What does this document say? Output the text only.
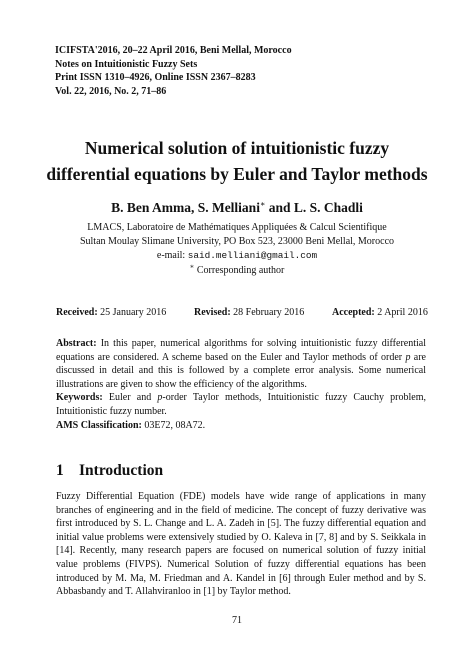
ICIFSTA'2016, 20–22 April 2016, Beni Mellal, Morocco
Notes on Intuitionistic Fuzzy Sets
Print ISSN 1310–4926, Online ISSN 2367–8283
Vol. 22, 2016, No. 2, 71–86
Numerical solution of intuitionistic fuzzy
differential equations by Euler and Taylor methods
B. Ben Amma, S. Melliani∗ and L. S. Chadli
LMACS, Laboratoire de Mathématiques Appliquées & Calcul Scientifique
Sultan Moulay Slimane University, PO Box 523, 23000 Beni Mellal, Morocco
e-mail: said.melliani@gmail.com
∗ Corresponding author
Received: 25 January 2016	Revised: 28 February 2016	Accepted: 2 April 2016

Abstract: In this paper, numerical algorithms for solving intuitionistic fuzzy differential equations are considered. A scheme based on the Euler and Taylor methods of order p are discussed in detail and this is followed by a complete error analysis. Some numerical illustrations are given to show the efficiency of the algorithms.

Keywords: Euler and p-order Taylor methods, Intuitionistic fuzzy Cauchy problem, Intuitionistic fuzzy number.

AMS Classification: 03E72, 08A72.

1 Introduction

Fuzzy Differential Equation (FDE) models have wide range of applications in many branches of engineering and in the field of medicine. The concept of fuzzy derivative was first introduced by S. L. Change and L. A. Zadeh in [5]. The fuzzy differential equation and initial value problems were extensively studied by O. Kaleva in [7, 8] and by S. Seikkala in [14]. Recently, many research papers are focused on numerical solution of fuzzy initial value problems (FIVPS). Numerical Solution of fuzzy differential equations has been introduced by M. Ma, M. Friedman and A. Kandel in [6] through Euler method and by S. Abbasbandy and T. Allahviranloo in [1] by Taylor method.

71
